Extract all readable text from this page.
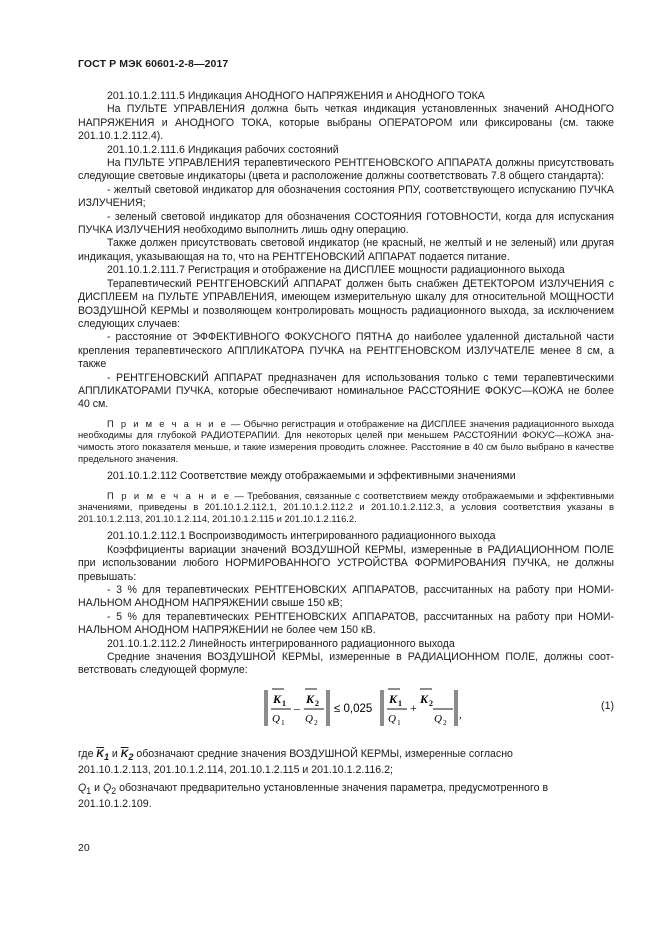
ГОСТ Р МЭК 60601-2-8—2017

201.10.1.2.111.5 Индикация АНОДНОГО НАПРЯЖЕНИЯ и АНОДНОГО ТОКА

На ПУЛЬТЕ УПРАВЛЕНИЯ должна быть четкая индикация установленных значений АНОДНОГО НАПРЯЖЕНИЯ и АНОДНОГО ТОКА, которые выбраны ОПЕРАТОРОМ или фиксированы (см. также 201.10.1.2.112.4).

201.10.1.2.111.6 Индикация рабочих состояний

На ПУЛЬТЕ УПРАВЛЕНИЯ терапевтического РЕНТГЕНОВСКОГО АППАРАТА должны присутствовать следующие световые индикаторы (цвета и расположение должны соответствовать 7.8 общего стандарта):

- желтый световой индикатор для обозначения состояния РПУ, соответствующего испусканию ПУЧКА ИЗЛУЧЕНИЯ;

- зеленый световой индикатор для обозначения СОСТОЯНИЯ ГОТОВНОСТИ, когда для испускания ПУЧКА ИЗЛУЧЕНИЯ необходимо выполнить лишь одну операцию.

Также должен присутствовать световой индикатор (не красный, не желтый и не зеленый) или другая индикация, указывающая на то, что на РЕНТГЕНОВСКИЙ АППАРАТ подается питание.

201.10.1.2.111.7 Регистрация и отображение на ДИСПЛЕЕ мощности радиационного выхода

Терапевтический РЕНТГЕНОВСКИЙ АППАРАТ должен быть снабжен ДЕТЕКТОРОМ ИЗЛУЧЕНИЯ с ДИСПЛЕЕМ на ПУЛЬТЕ УПРАВЛЕНИЯ, имеющем измерительную шкалу для относительной МОЩНОСТИ ВОЗДУШНОЙ КЕРМЫ и позволяющем контролировать мощность радиационного выхода, за исключением следующих случаев:

- расстояние от ЭФФЕКТИВНОГО ФОКУСНОГО ПЯТНА до наиболее удаленной дистальной части крепления терапевтического АППЛИКАТОРА ПУЧКА на РЕНТГЕНОВСКОМ ИЗЛУЧАТЕЛЕ менее 8 см, а также

- РЕНТГЕНОВСКИЙ АППАРАТ предназначен для использования только с теми терапевтическими АППЛИКАТОРАМИ ПУЧКА, которые обеспечивают номинальное РАССТОЯНИЕ ФОКУС—КОЖА не более 40 см.

П р и м е ч а н и е — Обычно регистрация и отображение на ДИСПЛЕЕ значения радиационного выхода необходимы для глубокой РАДИОТЕРАПИИ. Для некоторых целей при меньшем РАССТОЯНИИ ФОКУС—КОЖА значимость этого показателя меньше, и такие измерения проводить сложнее. Расстояние в 40 см было выбрано в качестве предельного значения.

201.10.1.2.112 Соответствие между отображаемыми и эффективными значениями

П р и м е ч а н и е — Требования, связанные с соответствием между отображаемыми и эффективными значениями, приведены в 201.10.1.2.112.1, 201.10.1.2.112.2 и 201.10.1.2.112.3, а условия соответствия указаны в 201.10.1.2.113, 201.10.1.2.114, 201.10.1.2.115 и 201.10.1.2.116.2.

201.10.1.2.112.1 Воспроизводимость интегрированного радиационного выхода

Коэффициенты вариации значений ВОЗДУШНОЙ КЕРМЫ, измеренные в РАДИАЦИОННОМ ПОЛЕ при использовании любого НОРМИРОВАННОГО УСТРОЙСТВА ФОРМИРОВАНИЯ ПУЧКА, не должны превышать:

- 3 % для терапевтических РЕНТГЕНОВСКИХ АППАРАТОВ, рассчитанных на работу при НОМИНАЛЬНОМ АНОДНОМ НАПРЯЖЕНИИ свыше 150 кВ;

- 5 % для терапевтических РЕНТГЕНОВСКИХ АППАРАТОВ, рассчитанных на работу при НОМИНАЛЬНОМ АНОДНОМ НАПРЯЖЕНИИ не более чем 150 кВ.

201.10.1.2.112.2 Линейность интегрированного радиационного выхода

Средние значения ВОЗДУШНОЙ КЕРМЫ, измеренные в РАДИАЦИОННОМ ПОЛЕ, должны соответствовать следующей формуле:

K 1
Q 1
–
K 2
Q 2
≤ 0,025
K 1
Q 1
+
K 2
Q 2
,
(1)

где $\overline{K}_1$ и $\overline{K}_2$ обозначают средние значения ВОЗДУШНОЙ КЕРМЫ, измеренные согласно

201.10.1.2.113, 201.10.1.2.114, 201.10.1.2.115 и 201.10.1.2.116.2;

$Q_1$ и $Q_2$ обозначают предварительно установленные значения параметра, предусмотренного в

201.10.1.2.109.

20
